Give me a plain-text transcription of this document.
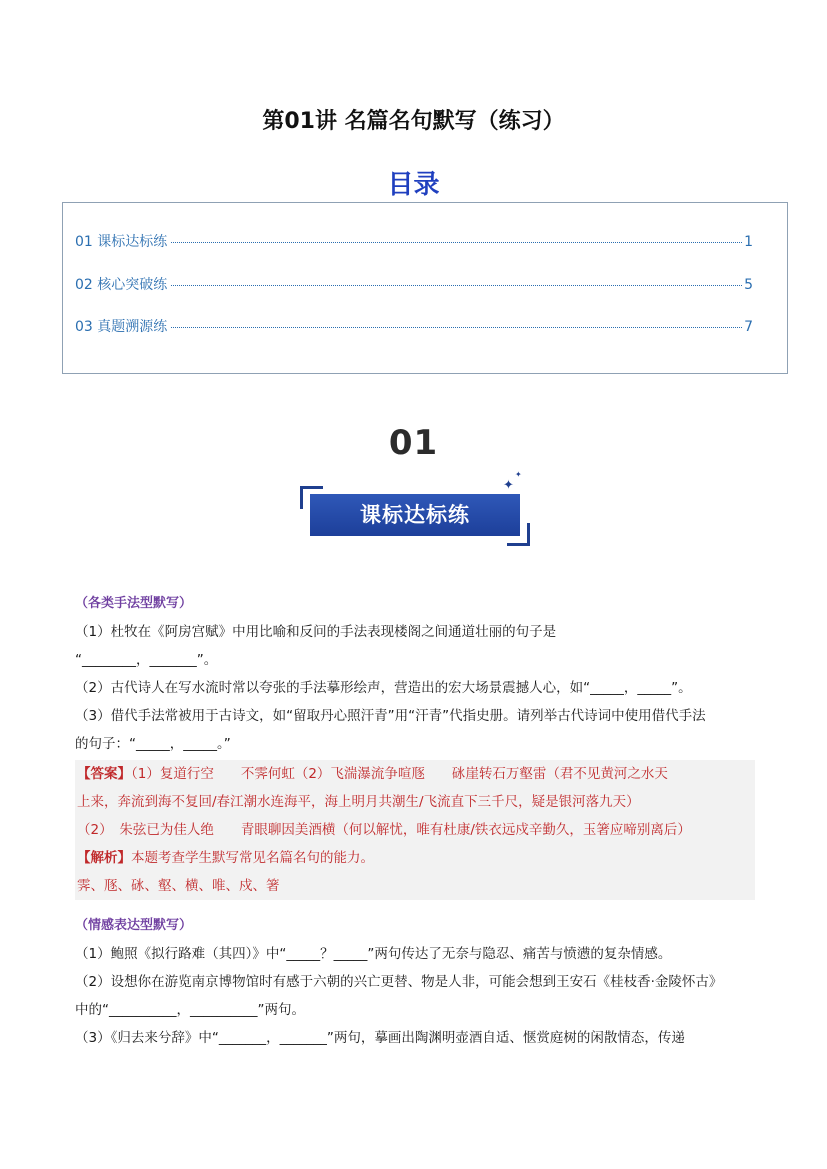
第01讲 名篇名句默写（练习）
目录
01 课标达标练	1
02 核心突破练	5
03 真题溯源练	7
01
课标达标练
✦
✦
（各类手法型默写）
（1）杜牧在《阿房宫赋》中用比喻和反问的手法表现楼阁之间通道壮丽的句子是
“________，_______”。
（2）古代诗人在写水流时常以夸张的手法摹形绘声，营造出的宏大场景震撼人心，如“_____，_____”。
（3）借代手法常被用于古诗文，如“留取丹心照汗青”用“汗青”代指史册。请列举古代诗词中使用借代手法
的句子：“_____，_____。”
【答案】（1）复道行空　　不霁何虹（2）飞湍瀑流争喧豗　　砯崖转石万壑雷（君不见黄河之水天
上来，奔流到海不复回/春江潮水连海平，海上明月共潮生/飞流直下三千尺，疑是银河落九天）
（2）　朱弦已为佳人绝　　青眼聊因美酒横（何以解忧，唯有杜康/铁衣远戍辛勤久，玉箸应啼别离后）
【解析】本题考查学生默写常见名篇名句的能力。
霁、豗、砯、壑、横、唯、戍、箸
（情感表达型默写）
（1）鲍照《拟行路难（其四）》中“_____？_____”两句传达了无奈与隐忍、痛苦与愤懑的复杂情感。
（2）设想你在游览南京博物馆时有感于六朝的兴亡更替、物是人非，可能会想到王安石《桂枝香·金陵怀古》
中的“__________，__________”两句。
（3）《归去来兮辞》中“_______，_______”两句，摹画出陶渊明壶酒自适、惬赏庭树的闲散情态，传递
